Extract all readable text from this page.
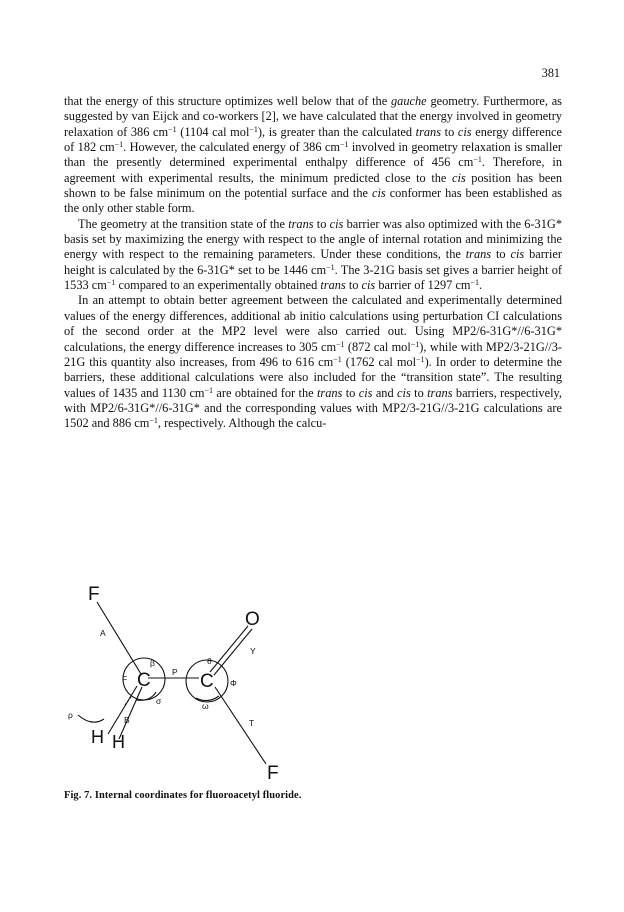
381

that the energy of this structure optimizes well below that of the gauche geometry. Furthermore, as suggested by van Eijck and co-workers [2], we have calculated that the energy involved in geometry relaxation of 386 $cm^{-1}$ (1104 cal mol$^{-1}$), is greater than the calculated trans to cis energy difference of 182 $cm^{-1}$. However, the calculated energy of 386 $cm^{-1}$ involved in geometry relaxation is smaller than the presently determined experimental enthalpy difference of 456 $cm^{-1}$. Therefore, in agreement with experimental results, the minimum predicted close to the cis position has been shown to be false minimum on the potential surface and the cis conformer has been established as the only other stable form.

The geometry at the transition state of the trans to cis barrier was also optimized with the 6-31G* basis set by maximizing the energy with respect to the angle of internal rotation and minimizing the energy with respect to the remaining parameters. Under these conditions, the trans to cis barrier height is calculated by the 6-31G* set to be 1446 $cm^{-1}$. The 3-21G basis set gives a barrier height of 1533 $cm^{-1}$ compared to an experimentally obtained trans to cis barrier of 1297 $cm^{-1}$.

In an attempt to obtain better agreement between the calculated and experimentally determined values of the energy differences, additional ab initio calculations using perturbation CI calculations of the second order at the MP2 level were also carried out. Using MP2/6-31G*//6-31G* calculations, the energy difference increases to 305 $cm^{-1}$ (872 cal mol$^{-1}$), while with MP2/3-21G//3-21G this quantity also increases, from 496 to 616 $cm^{-1}$ (1762 cal mol$^{-1}$). In order to determine the barriers, these additional calculations were also included for the “transition state”. The resulting values of 1435 and 1130 $cm^{-1}$ are obtained for the trans to cis and cis to trans barriers, respectively, with MP2/6-31G*//6-31G* and the corresponding values with MP2/3-21G//3-21G calculations are 1502 and 886 $cm^{-1}$, respectively. Although the calcu-

F
O
C	C
H H
F
A
β
F
σ
P
θ
Y
Φ
ω
T
B
ρ
Fig. 7. Internal coordinates for fluoroacetyl fluoride.
